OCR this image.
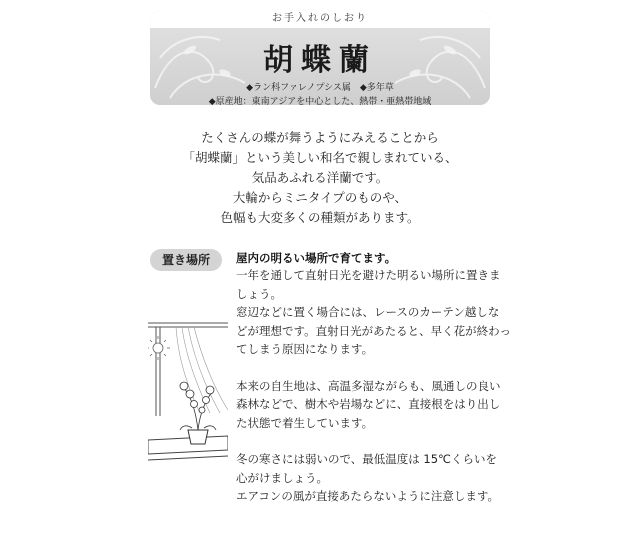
お手入れのしおり
胡蝶蘭
◆ラン科ファレノプシス属　◆多年草
◆原産地：東南アジアを中心とした、熱帯・亜熱帯地域
たくさんの蝶が舞うようにみえることから
「胡蝶蘭」という美しい和名で親しまれている、
気品あふれる洋蘭です。
大輪からミニタイプのものや、
色幅も大変多くの種類があります。
置き場所	屋内の明るい場所で育てます。

一年を通して直射日光を避けた明るい場所に置きま

しょう。

窓辺などに置く場合には、レースのカーテン越しな

どが理想です。直射日光があたると、早く花が終わっ

てしまう原因になります。

本来の自生地は、高温多湿ながらも、風通しの良い

森林などで、樹木や岩場などに、直接根をはり出し

た状態で着生しています。

冬の寒さには弱いので、最低温度は 15℃くらいを

心がけましょう。

エアコンの風が直接あたらないように注意します。
